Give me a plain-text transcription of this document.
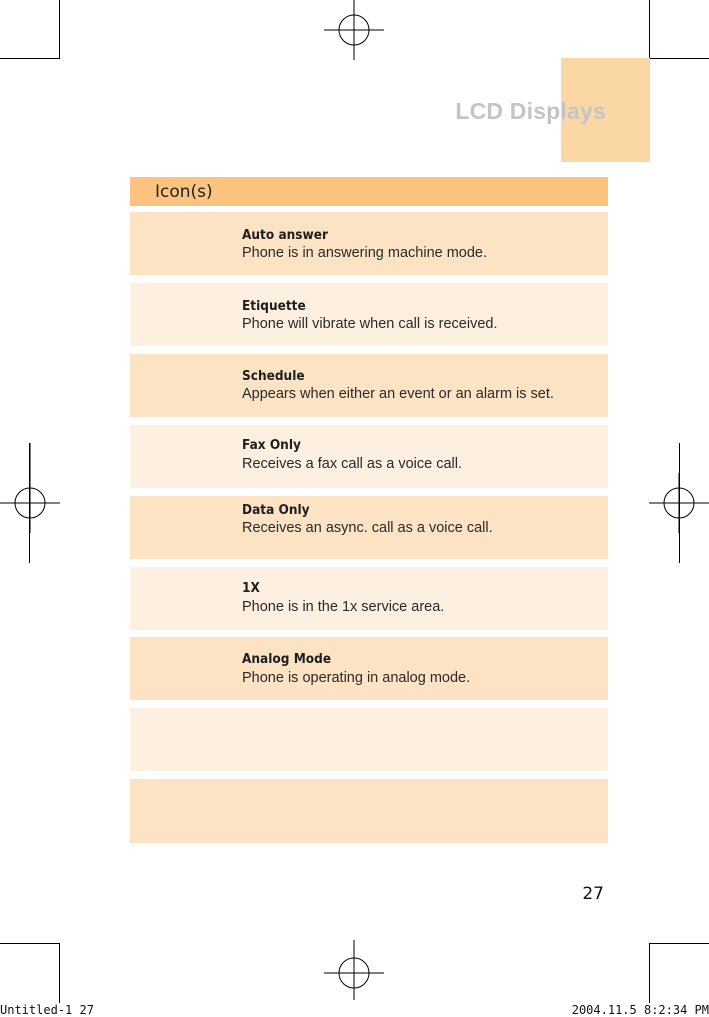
LCD Displays
Icon(s)
Auto answer
Phone is in answering machine mode.
Etiquette
Phone will vibrate when call is received.
Schedule
Appears when either an event or an alarm is set.
Fax Only
Receives a fax call as a voice call.
Data Only
Receives an async. call as a voice call.
1X
Phone is in the 1x service area.
Analog Mode
Phone is operating in analog mode.
27
Untitled-1 27	2004.11.5 8:2:34 PM
